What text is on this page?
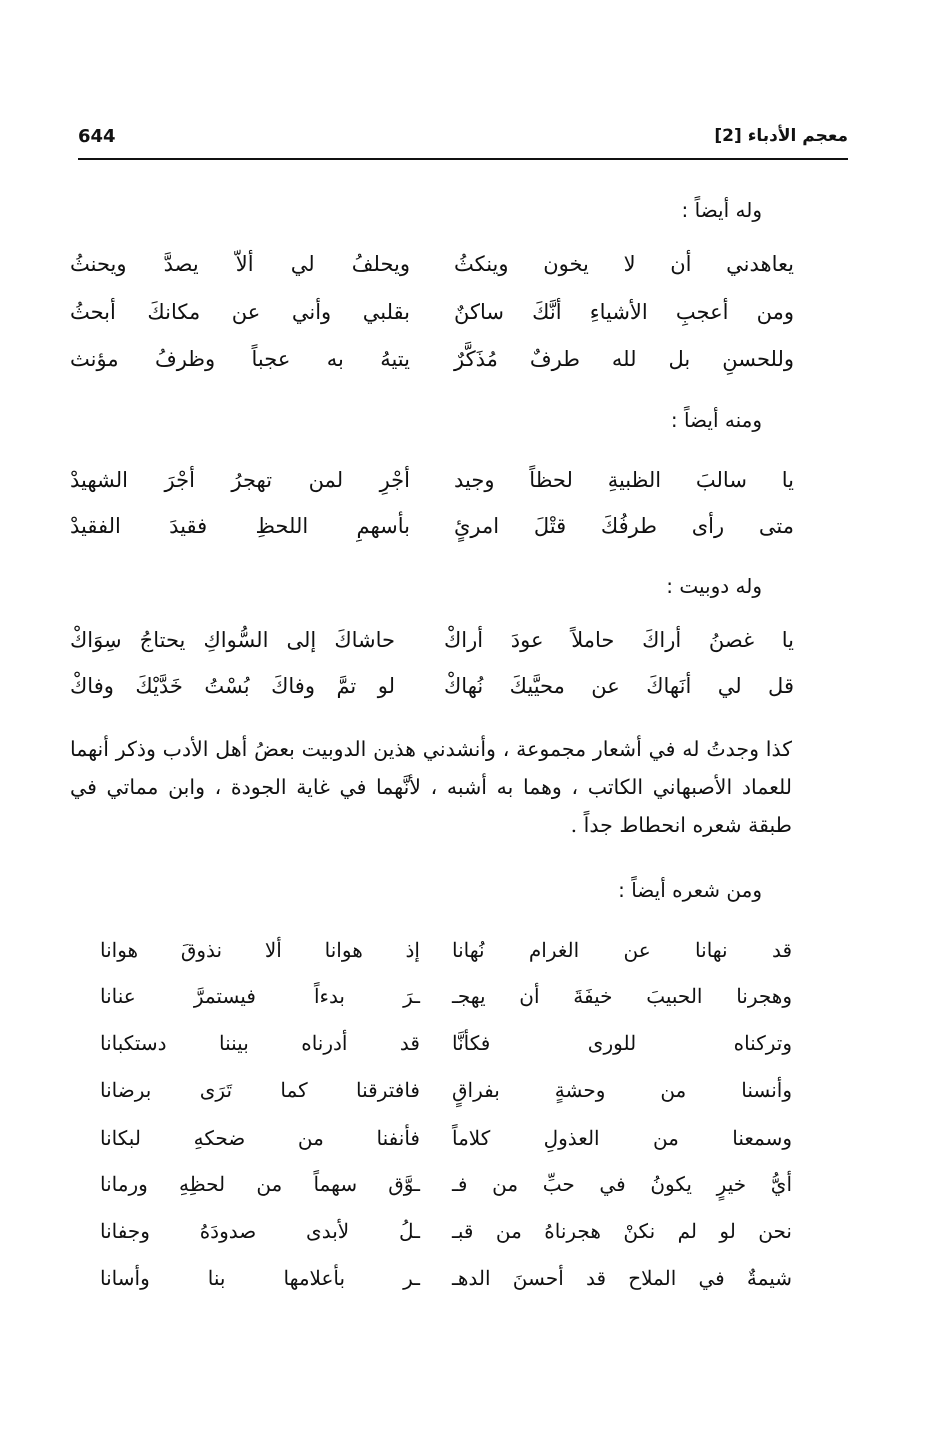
644	معجم الأدباء [2]
وله أيضاً :
يعاهدني أن لا يخون وينكثُ
ويحلفُ لي ألاّ يصدَّ ويحنثُ
ومن أعجبِ الأشياءِ أنَّكَ ساكنٌ
بقلبي وأني عن مكانكَ أبحثُ
وللحسنِ بل لله طرفٌ مُذَكَّرٌ
يتيهُ به عجباً وظرفُ مؤنث
ومنه أيضاً :
يا سالبَ الظبيةِ لحظاً وجيد
أجْرِ لمن تهجرُ أجْرَ الشهيدْ
متى رأى طرفُكَ قتْلَ امرئٍ
بأسهمِ اللحظِ فقيدَ الفقيدْ
وله دوبيت :
يا غصنُ أراكَ حاملاً عودَ أراكْ
حاشاكَ إلى السُّواكِ يحتاجُ سِوَاكْ
قل لي أنَهاكَ عن محيَّيكَ نُهاكْ
لو تمَّ وفاكَ بُسْتُ خَدَّيْكَ وفاكْ

كذا وجدتُ له في أشعار مجموعة ، وأنشدني هذين الدوبيت بعضُ أهل الأدب وذكر أنهما للعماد الأصبهاني الكاتب ، وهما به أشبه ، لأنَّهما في غاية الجودة ، وابن مماتي في طبقة شعره انحطاط جداً .

ومن شعره أيضاً :
قد نهانا عن الغرام نُهانا
إذ هوانا ألا نذوقَ هوانا
وهجرنا الحبيبَ خيفَةَ أن يهجـ
ـرَ بدءاً فيستمرَّ عنانا
وتركناه للورى فكأنَّا
قد أدرناه بيننا دستكبانا
وأنسنا من وحشةٍ بفراقٍ
فافترقنا كما تَرَى برضانا
وسمعنا من العذولِ كلاماً
فأنفنا من ضحكهِ لبكانا
أيُّ خيرٍ يكونُ في حبِّ من فـ
ـوَّق سهماً من لحظِهِ ورمانا
نحن لو لم نكنْ هجرناهُ من قبـ
ـلُ لأبدى صدودَهُ وجفانا
شيمةٌ في الملاح قد أحسنَ الدهـ
ـر بأعلامها بنا وأسانا
